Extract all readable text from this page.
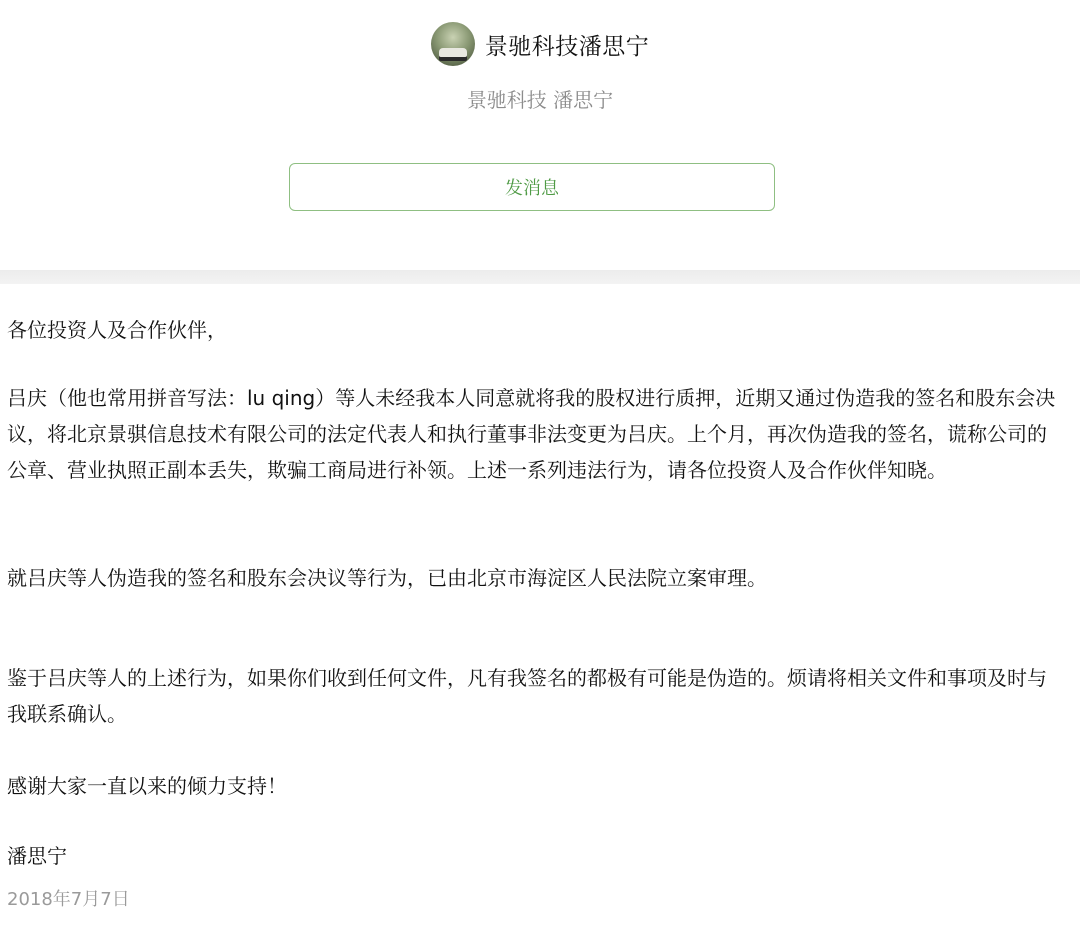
景驰科技潘思宁
景驰科技 潘思宁
发消息

各位投资人及合作伙伴，

吕庆（他也常用拼音写法：lu qing）等人未经我本人同意就将我的股权进行质押，近期又通过伪造我的签名和股东会决议，将北京景骐信息技术有限公司的法定代表人和执行董事非法变更为吕庆。上个月，再次伪造我的签名，谎称公司的公章、营业执照正副本丢失，欺骗工商局进行补领。上述一系列违法行为，请各位投资人及合作伙伴知晓。

就吕庆等人伪造我的签名和股东会决议等行为，已由北京市海淀区人民法院立案审理。

鉴于吕庆等人的上述行为，如果你们收到任何文件，凡有我签名的都极有可能是伪造的。烦请将相关文件和事项及时与我联系确认。

感谢大家一直以来的倾力支持！

潘思宁

2018年7月7日
